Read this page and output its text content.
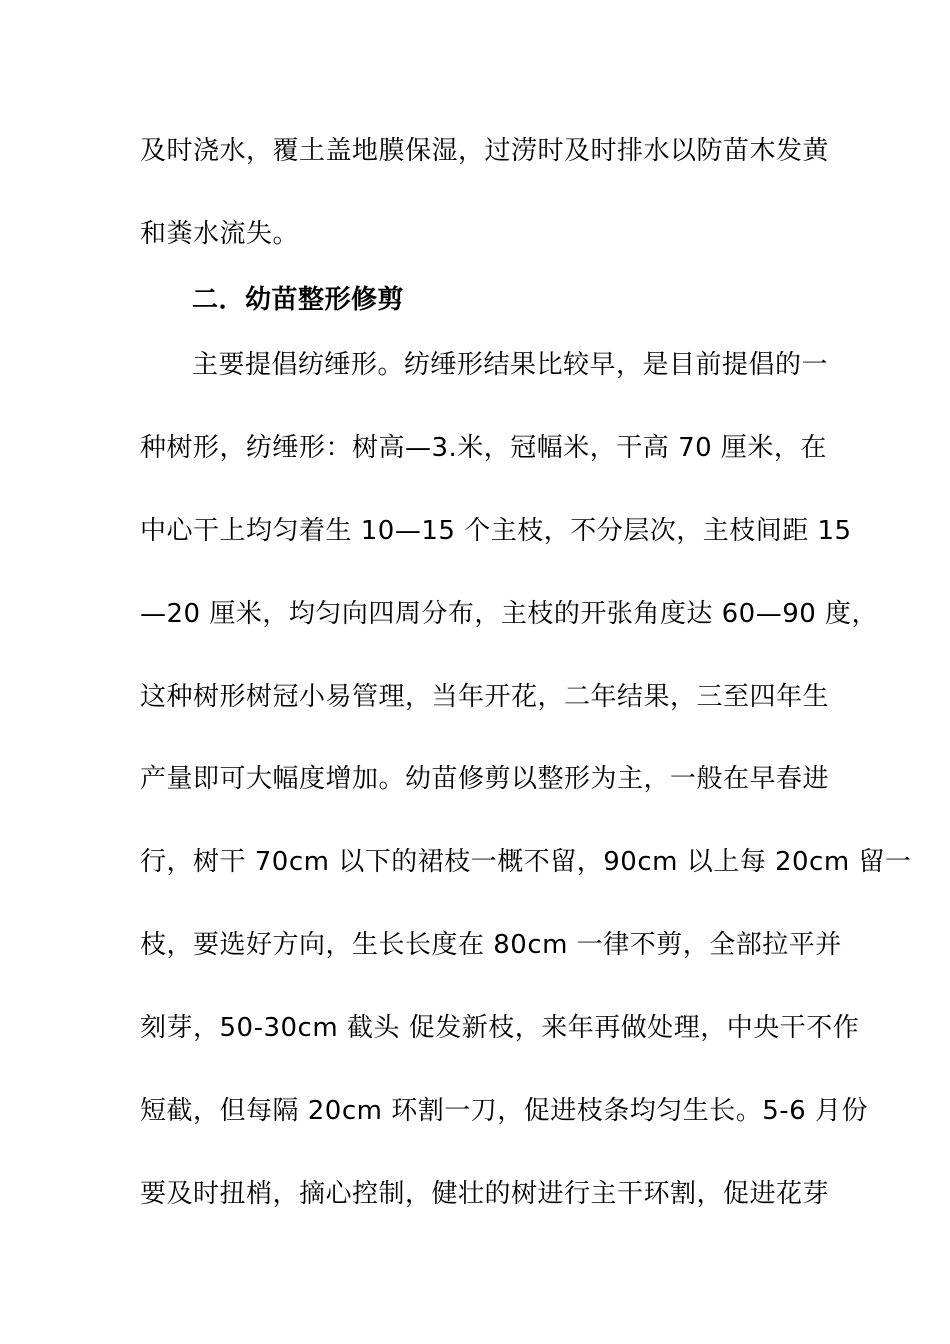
及时浇水，覆土盖地膜保湿，过涝时及时排水以防苗木发黄
和粪水流失。
二．幼苗整形修剪
主要提倡纺缍形。纺缍形结果比较早，是目前提倡的一
种树形，纺缍形：树高—3.米，冠幅米，干高 70 厘米，在
中心干上均匀着生 10—15 个主枝，不分层次，主枝间距 15
—20 厘米，均匀向四周分布，主枝的开张角度达 60—90 度，
这种树形树冠小易管理，当年开花，二年结果，三至四年生
产量即可大幅度增加。幼苗修剪以整形为主，一般在早春进
行，树干 70cm 以下的裙枝一概不留，90cm 以上每 20cm 留一
枝，要选好方向，生长长度在 80cm 一律不剪，全部拉平并
刻芽，50-30cm 截头 促发新枝，来年再做处理，中央干不作
短截，但每隔 20cm 环割一刀，促进枝条均匀生长。5-6 月份
要及时扭梢，摘心控制，健壮的树进行主干环割，促进花芽
